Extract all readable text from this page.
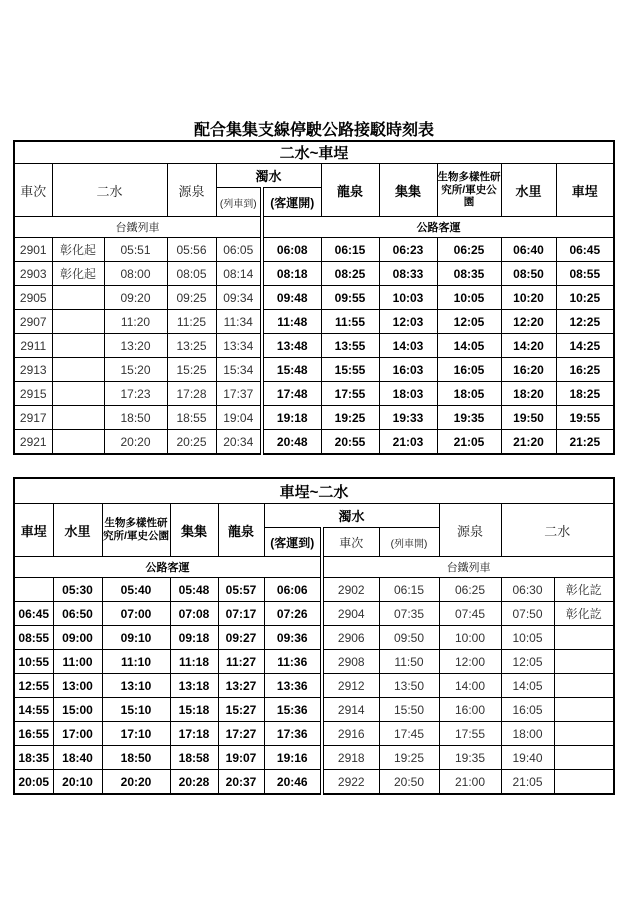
配合集集支線停駛公路接駁時刻表
二水~車埕										
車次	二水		源泉	濁水		龍泉	集集	生物多樣性研究所/軍史公園	水里	車埕
				(列車到)	(客運開)					
台鐵列車					公路客運					
2901	彰化起	05:51	05:56	06:05	06:08	06:15	06:23	06:25	06:40	06:45
2903	彰化起	08:00	08:05	08:14	08:18	08:25	08:33	08:35	08:50	08:55
2905		09:20	09:25	09:34	09:48	09:55	10:03	10:05	10:20	10:25
2907		11:20	11:25	11:34	11:48	11:55	12:03	12:05	12:20	12:25
2911		13:20	13:25	13:34	13:48	13:55	14:03	14:05	14:20	14:25
2913		15:20	15:25	15:34	15:48	15:55	16:03	16:05	16:20	16:25
2915		17:23	17:28	17:37	17:48	17:55	18:03	18:05	18:20	18:25
2917		18:50	18:55	19:04	19:18	19:25	19:33	19:35	19:50	19:55
2921		20:20	20:25	20:34	20:48	20:55	21:03	21:05	21:20	21:25
車埕~二水										
車埕	水里	生物多樣性研究所/軍史公園	集集	龍泉	濁水			源泉	二水	
					(客運到)	車次	(列車開)			
公路客運						台鐵列車				
	05:30	05:40	05:48	05:57	06:06	2902	06:15	06:25	06:30	彰化訖
06:45	06:50	07:00	07:08	07:17	07:26	2904	07:35	07:45	07:50	彰化訖
08:55	09:00	09:10	09:18	09:27	09:36	2906	09:50	10:00	10:05	
10:55	11:00	11:10	11:18	11:27	11:36	2908	11:50	12:00	12:05	
12:55	13:00	13:10	13:18	13:27	13:36	2912	13:50	14:00	14:05	
14:55	15:00	15:10	15:18	15:27	15:36	2914	15:50	16:00	16:05	
16:55	17:00	17:10	17:18	17:27	17:36	2916	17:45	17:55	18:00	
18:35	18:40	18:50	18:58	19:07	19:16	2918	19:25	19:35	19:40	
20:05	20:10	20:20	20:28	20:37	20:46	2922	20:50	21:00	21:05	
